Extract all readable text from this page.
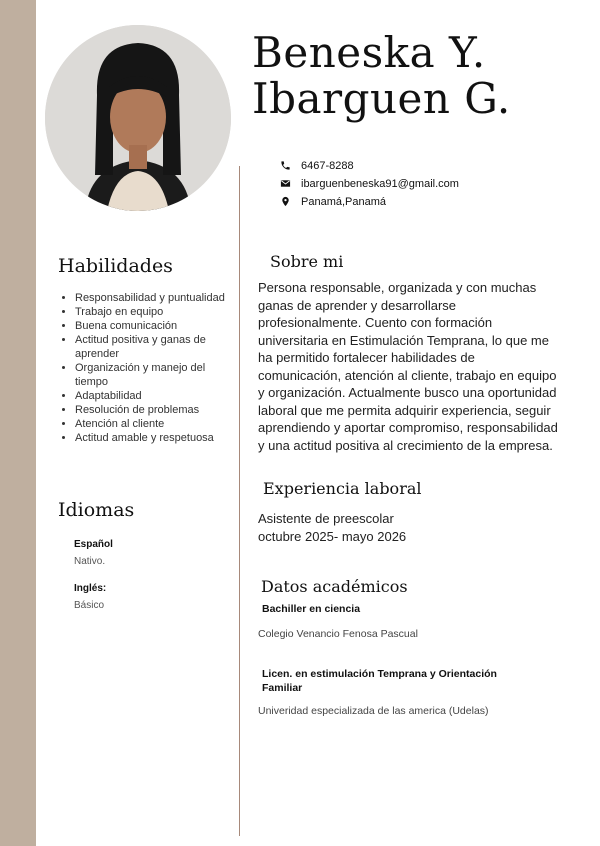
Beneska Y.
Ibarguen G.
6467-8288
ibarguenbeneska91@gmail.com
Panamá,Panamá
Habilidades
• Responsabilidad y puntualidad
• Trabajo en equipo
• Buena comunicación
• Actitud positiva y ganas de aprender
• Organización y manejo del tiempo
• Adaptabilidad
• Resolución de problemas
• Atención al cliente
• Actitud amable y respetuosa
Idiomas
Español
Nativo.
Inglés:
Básico
Sobre mi
Persona responsable, organizada y con muchas ganas de aprender y desarrollarse profesionalmente. Cuento con formación universitaria en Estimulación Temprana, lo que me ha permitido fortalecer habilidades de comunicación, atención al cliente, trabajo en equipo y organización. Actualmente busco una oportunidad laboral que me permita adquirir experiencia, seguir aprendiendo y aportar compromiso, responsabilidad y una actitud positiva al crecimiento de la empresa.
Experiencia laboral
Asistente de preescolar
octubre 2025- mayo 2026
Datos académicos
Bachiller en ciencia
Colegio Venancio Fenosa Pascual
Licen. en estimulación Temprana y Orientación Familiar
Univeridad especializada de las america (Udelas)
